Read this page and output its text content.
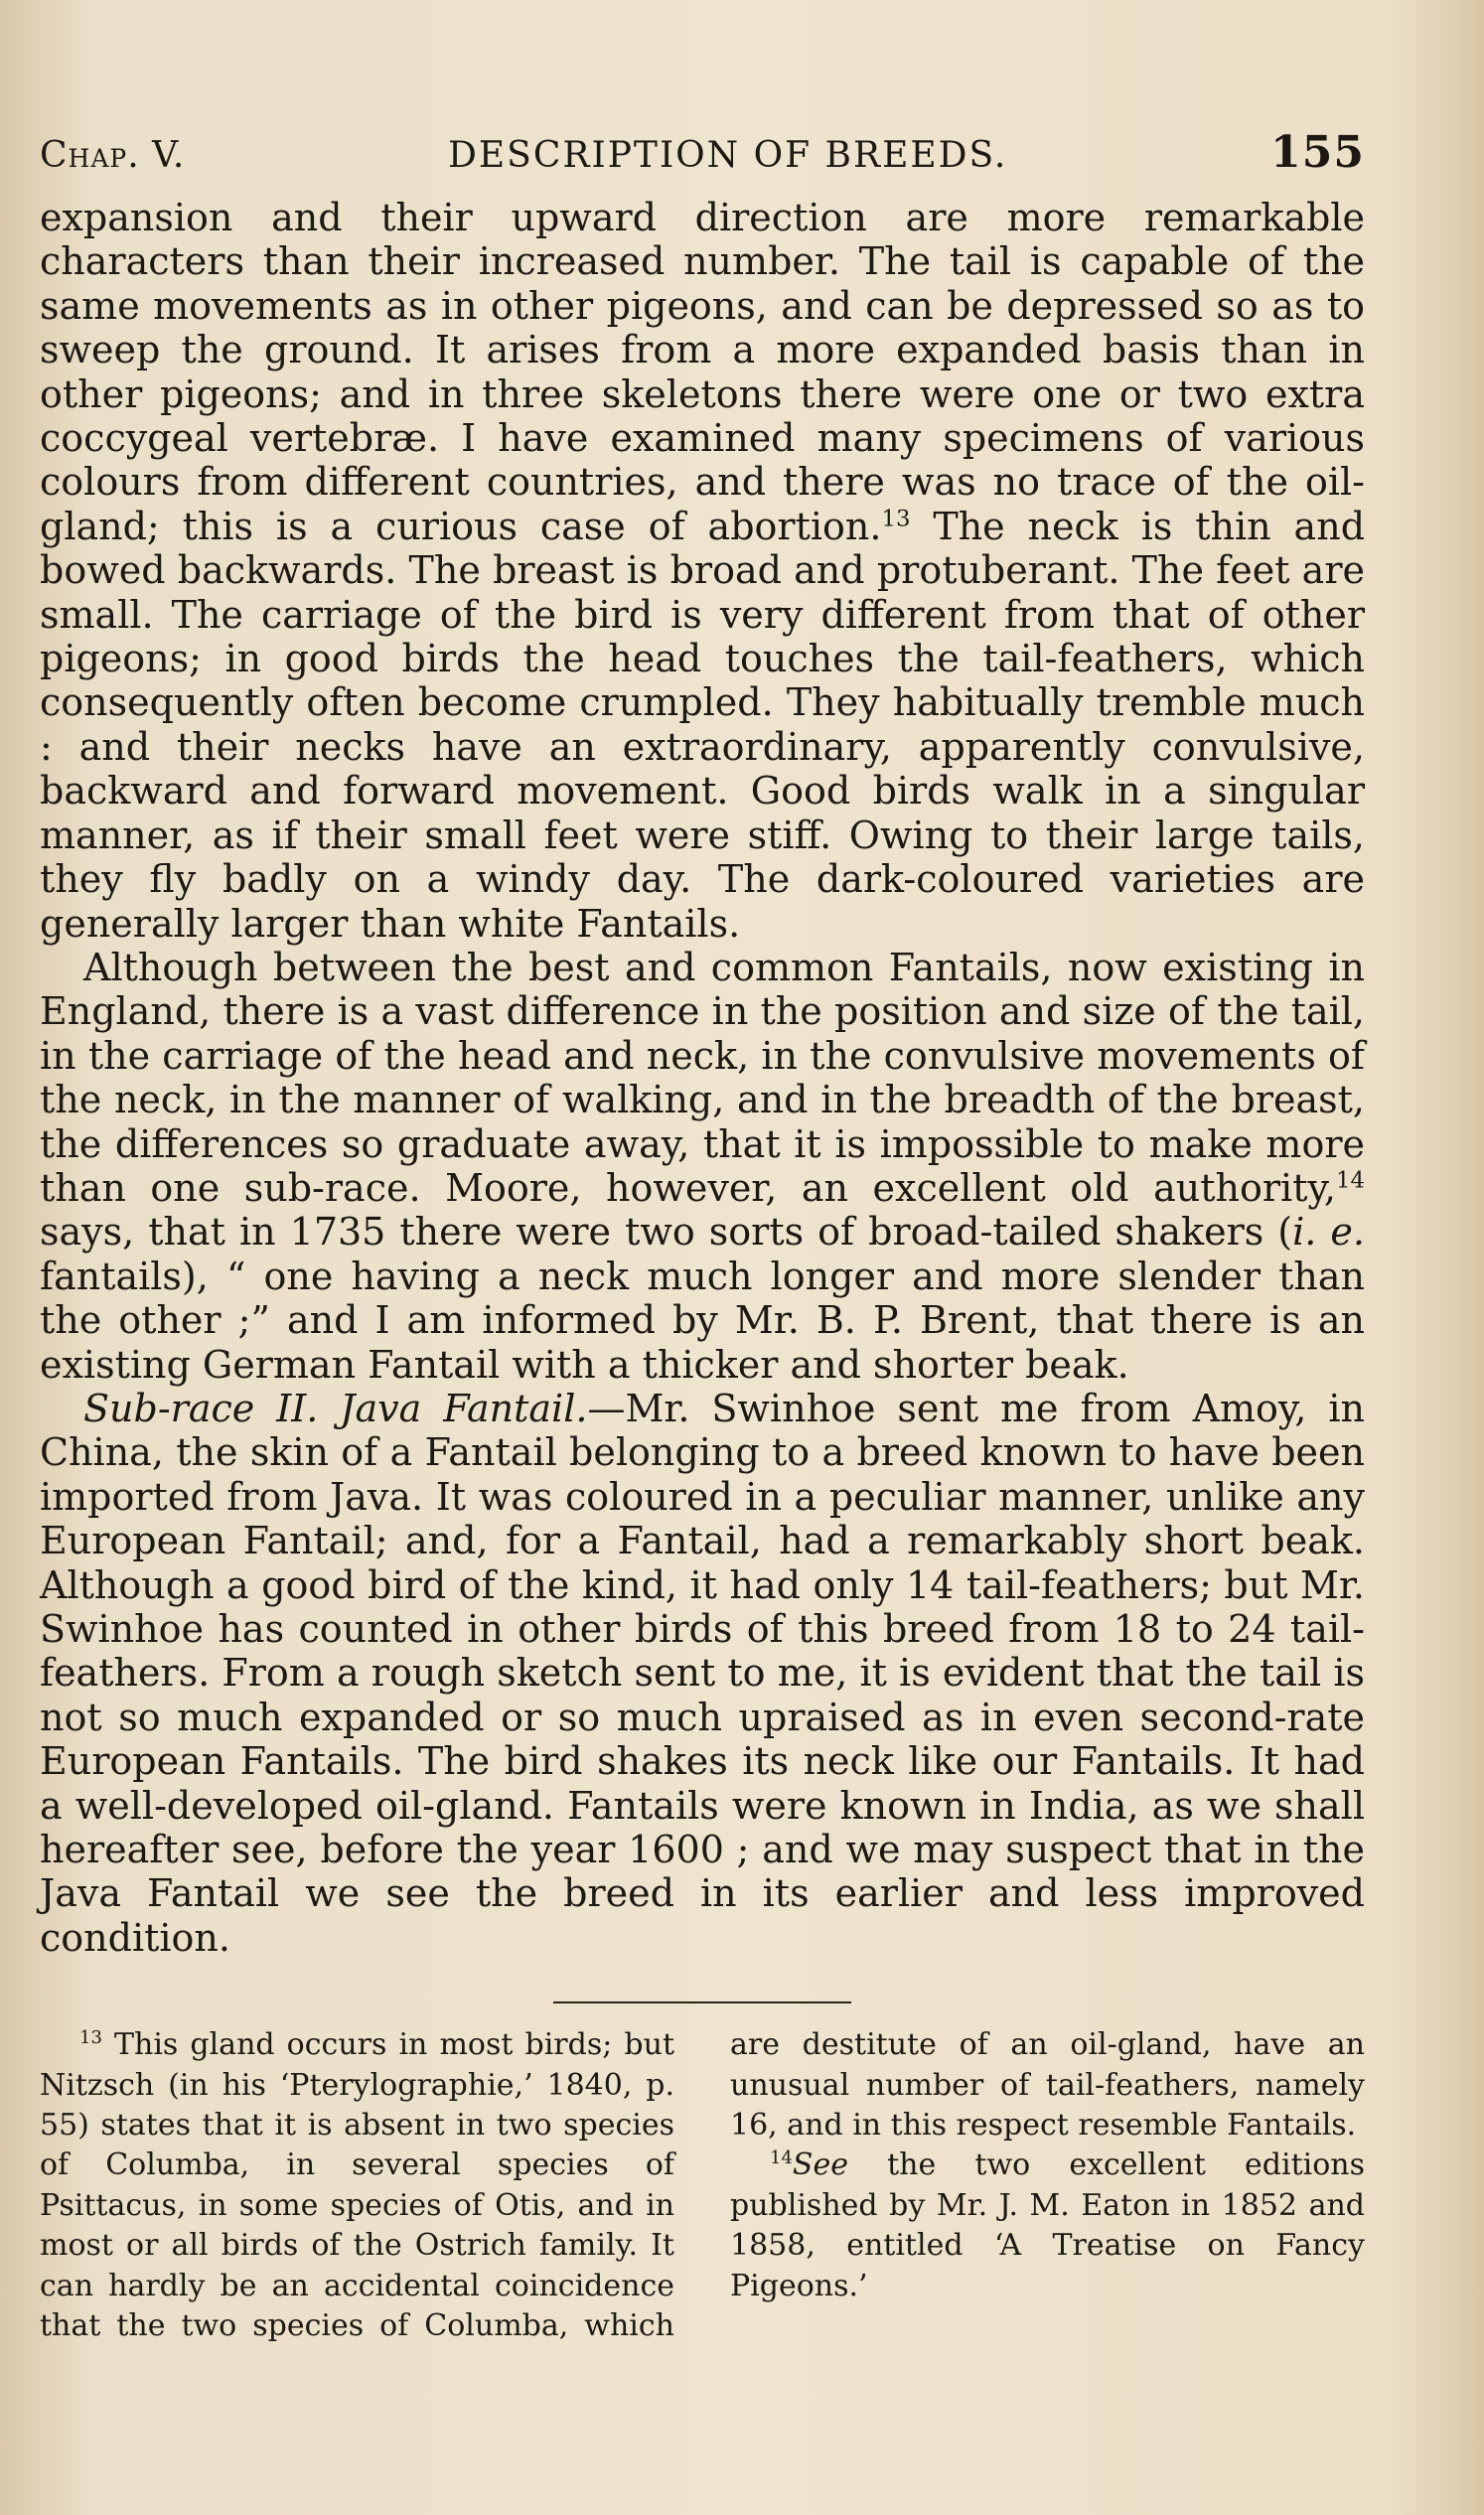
Chap. V.	DESCRIPTION OF BREEDS.	155

expansion and their upward direction are more remarkable characters than their increased number. The tail is capable of the same movements as in other pigeons, and can be depressed so as to sweep the ground. It arises from a more expanded basis than in other pigeons; and in three skeletons there were one or two extra coccygeal vertebræ. I have examined many specimens of various colours from different countries, and there was no trace of the oil-gland; this is a curious case of abortion.$^{13}$ The neck is thin and bowed backwards. The breast is broad and protuberant. The feet are small. The carriage of the bird is very different from that of other pigeons; in good birds the head touches the tail-feathers, which consequently often become crumpled. They habitually tremble much : and their necks have an extraordinary, apparently convulsive, backward and forward movement. Good birds walk in a singular manner, as if their small feet were stiff. Owing to their large tails, they fly badly on a windy day. The dark-coloured varieties are generally larger than white Fantails.

Although between the best and common Fantails, now existing in England, there is a vast difference in the position and size of the tail, in the carriage of the head and neck, in the convulsive movements of the neck, in the manner of walking, and in the breadth of the breast, the differences so graduate away, that it is impossible to make more than one sub-race. Moore, however, an excellent old authority,$^{14}$ says, that in 1735 there were two sorts of broad-tailed shakers (i. e. fantails), “ one having a neck much longer and more slender than the other ;” and I am informed by Mr. B. P. Brent, that there is an existing German Fantail with a thicker and shorter beak.

Sub-race II. Java Fantail.—Mr. Swinhoe sent me from Amoy, in China, the skin of a Fantail belonging to a breed known to have been imported from Java. It was coloured in a peculiar manner, unlike any European Fantail; and, for a Fantail, had a remarkably short beak. Although a good bird of the kind, it had only 14 tail-feathers; but Mr. Swinhoe has counted in other birds of this breed from 18 to 24 tail-feathers. From a rough sketch sent to me, it is evident that the tail is not so much expanded or so much upraised as in even second-rate European Fantails. The bird shakes its neck like our Fantails. It had a well-developed oil-gland. Fantails were known in India, as we shall hereafter see, before the year 1600 ; and we may suspect that in the Java Fantail we see the breed in its earlier and less improved condition.

$^{13}$ This gland occurs in most birds; but Nitzsch (in his ‘Pterylographie,’ 1840, p. 55) states that it is absent in two species of Columba, in several species of Psittacus, in some species of Otis, and in most or all birds of the Ostrich family. It can hardly be an accidental coincidence that the two species of Columba, which are destitute of an oil-gland, have an unusual number of tail-feathers, namely 16, and in this respect resemble Fantails.

$^{14}$See the two excellent editions published by Mr. J. M. Eaton in 1852 and 1858, entitled ‘A Treatise on Fancy Pigeons.’
